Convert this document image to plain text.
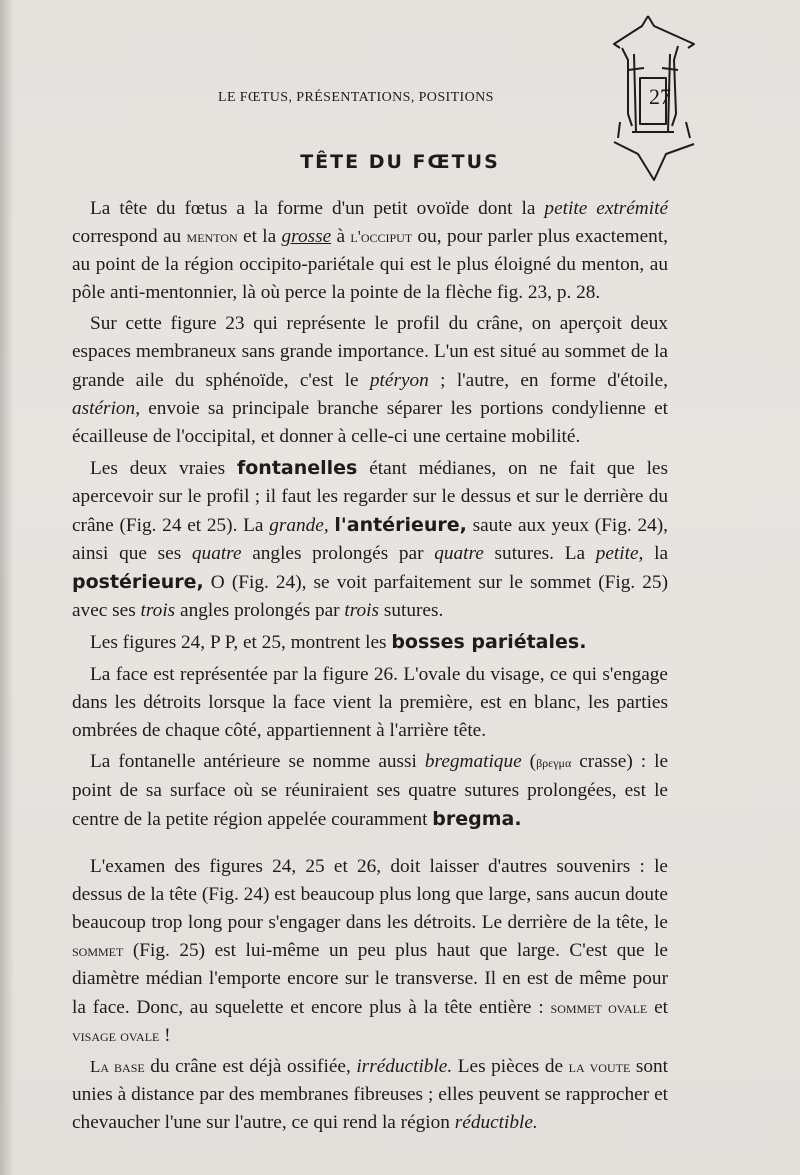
LE FŒTUS, PRÉSENTATIONS, POSITIONS	27
TÊTE DU FŒTUS

La tête du fœtus a la forme d'un petit ovoïde dont la petite extrémité correspond au menton et la grosse à l'occiput ou, pour parler plus exactement, au point de la région occipito-pariétale qui est le plus éloigné du menton, au pôle anti-mentonnier, là où perce la pointe de la flèche fig. 23, p. 28.

Sur cette figure 23 qui représente le profil du crâne, on aperçoit deux espaces membraneux sans grande importance. L'un est situé au sommet de la grande aile du sphénoïde, c'est le ptéryon ; l'autre, en forme d'étoile, astérion, envoie sa principale branche séparer les portions condylienne et écailleuse de l'occipital, et donner à celle-ci une certaine mobilité.

Les deux vraies fontanelles étant médianes, on ne fait que les apercevoir sur le profil ; il faut les regarder sur le dessus et sur le derrière du crâne (Fig. 24 et 25). La grande, l'antérieure, saute aux yeux (Fig. 24), ainsi que ses quatre angles prolongés par quatre sutures. La petite, la postérieure, O (Fig. 24), se voit parfaitement sur le sommet (Fig. 25) avec ses trois angles prolongés par trois sutures.

Les figures 24, P P, et 25, montrent les bosses pariétales.

La face est représentée par la figure 26. L'ovale du visage, ce qui s'engage dans les détroits lorsque la face vient la première, est en blanc, les parties ombrées de chaque côté, appartiennent à l'arrière tête.

La fontanelle antérieure se nomme aussi bregmatique (βρεγμα crasse) : le point de sa surface où se réuniraient ses quatre sutures prolongées, est le centre de la petite région appelée couramment bregma.

L'examen des figures 24, 25 et 26, doit laisser d'autres souvenirs : le dessus de la tête (Fig. 24) est beaucoup plus long que large, sans aucun doute beaucoup trop long pour s'engager dans les détroits. Le derrière de la tête, le sommet (Fig. 25) est lui-même un peu plus haut que large. C'est que le diamètre médian l'emporte encore sur le transverse. Il en est de même pour la face. Donc, au squelette et encore plus à la tête entière : sommet ovale et visage ovale !

La base du crâne est déjà ossifiée, irréductible. Les pièces de la voute sont unies à distance par des membranes fibreuses ; elles peuvent se rapprocher et chevaucher l'une sur l'autre, ce qui rend la région réductible.
